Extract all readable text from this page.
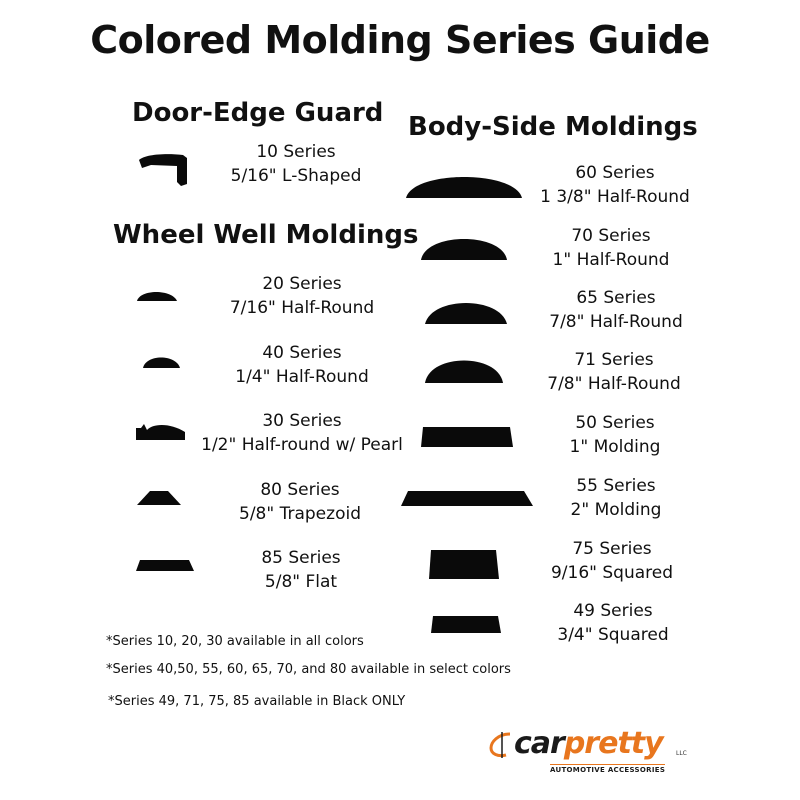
Colored Molding Series Guide
Door-Edge Guard
Wheel Well Moldings
Body-Side Moldings
10 Series
5/16" L-Shaped
20 Series
7/16" Half-Round
40 Series
1/4" Half-Round
30 Series
1/2" Half-round w/ Pearl
80 Series
5/8" Trapezoid
85 Series
5/8" Flat
60 Series
1 3/8" Half-Round
70 Series
1" Half-Round
65 Series
7/8" Half-Round
71 Series
7/8" Half-Round
50 Series
1" Molding
55 Series
2" Molding
75 Series
9/16" Squared
49 Series
3/4" Squared
*Series 10, 20, 30 available in all colors
*Series 40,50, 55, 60, 65, 70, and 80 available in select colors
*Series 49, 71, 75, 85 available in Black ONLY
carpretty LLC
AUTOMOTIVE ACCESSORIES
